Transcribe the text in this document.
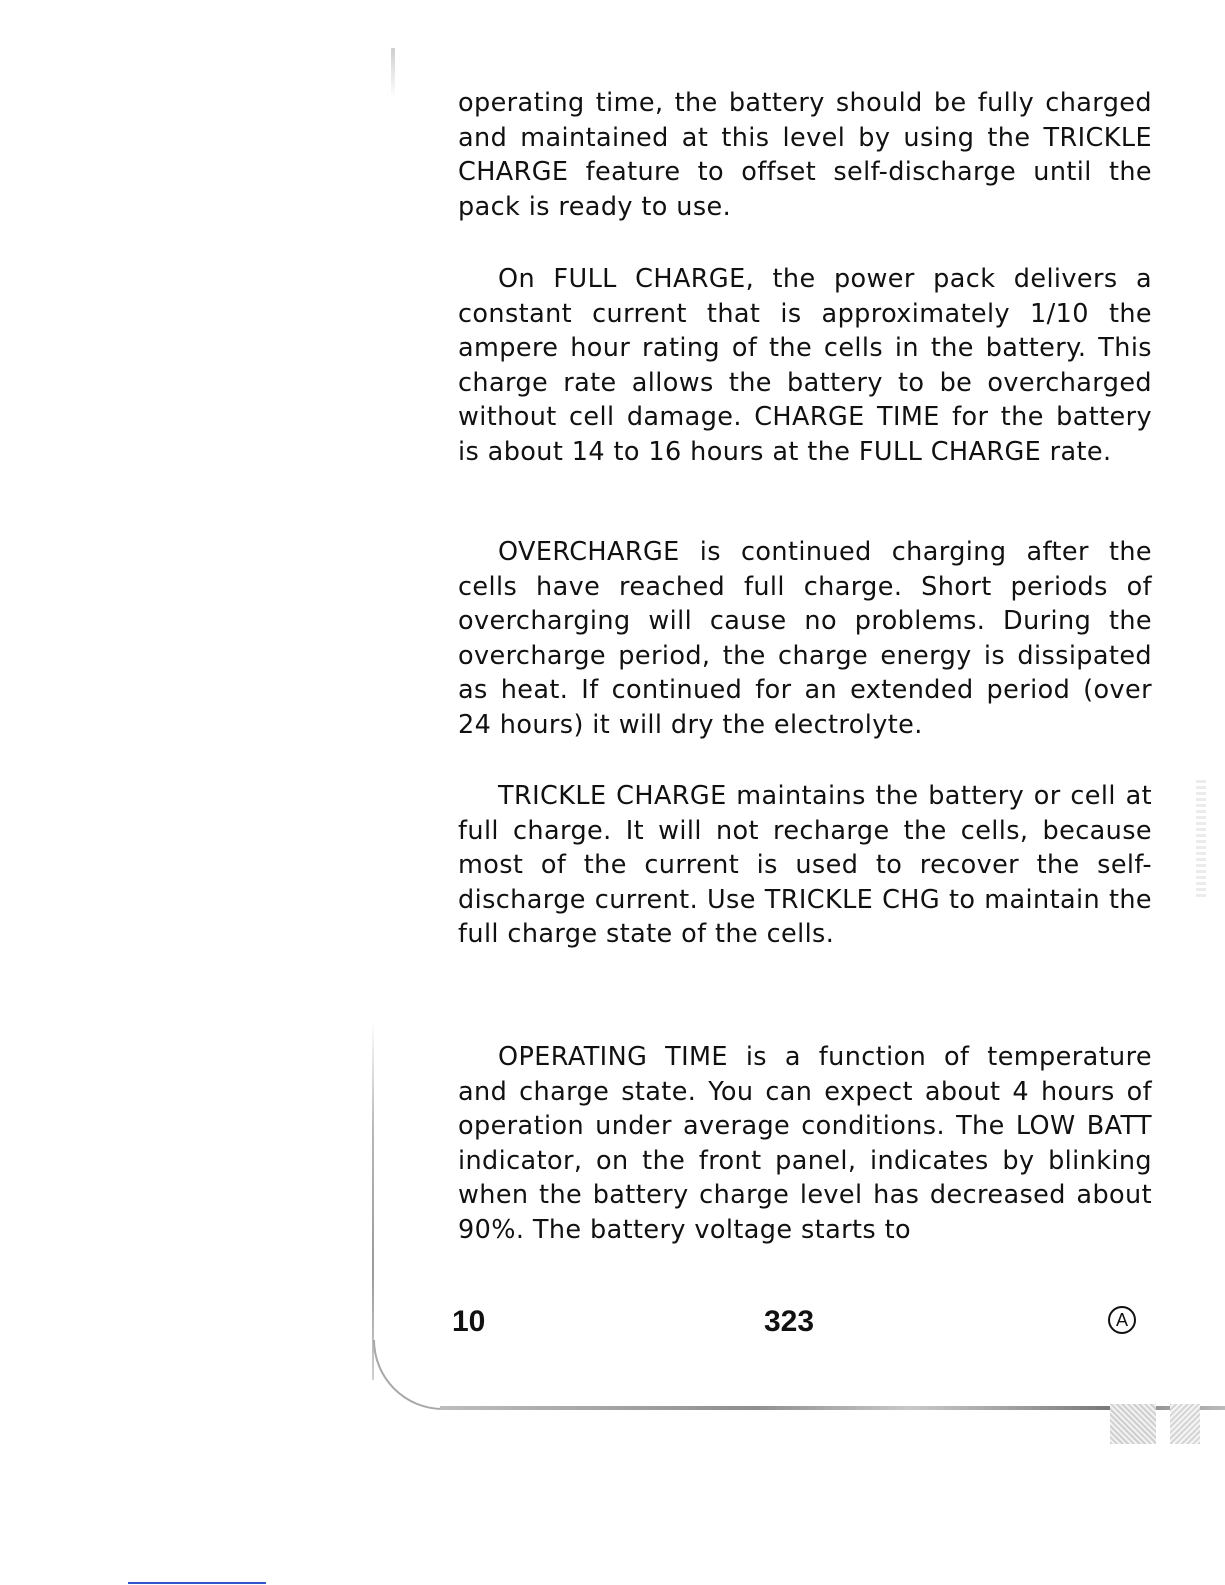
operating time, the battery should be fully charged and maintained at this level by using the TRICKLE CHARGE feature to offset self-discharge until the pack is ready to use.

On FULL CHARGE, the power pack delivers a constant current that is approximately 1/10 the ampere hour rating of the cells in the battery. This charge rate allows the battery to be overcharged without cell damage. CHARGE TIME for the battery is about 14 to 16 hours at the FULL CHARGE rate.

OVERCHARGE is continued charging after the cells have reached full charge. Short periods of overcharging will cause no problems. During the overcharge period, the charge energy is dissipated as heat. If continued for an extended period (over 24 hours) it will dry the electrolyte.

TRICKLE CHARGE maintains the battery or cell at full charge. It will not recharge the cells, because most of the current is used to recover the self-discharge current. Use TRICKLE CHG to maintain the full charge state of the cells.

OPERATING TIME is a function of temperature and charge state. You can expect about 4 hours of operation under average conditions. The LOW BATT indicator, on the front panel, indicates by blinking when the battery charge level has decreased about 90%. The battery voltage starts to

10	323	A
